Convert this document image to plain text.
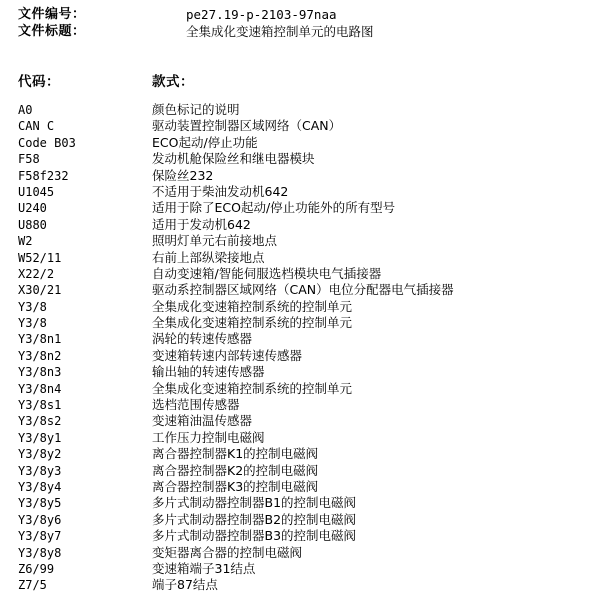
文件编号：	pe27.19-p-2103-97naa
文件标题：	全集成化变速箱控制单元的电路图
代码：	款式：
A0	颜色标记的说明
CAN C	驱动装置控制器区域网络（CAN）
Code B03	ECO起动/停止功能
F58	发动机舱保险丝和继电器模块
F58f232	保险丝232
U1045	不适用于柴油发动机642
U240	适用于除了ECO起动/停止功能外的所有型号
U880	适用于发动机642
W2	照明灯单元右前接地点
W52/11	右前上部纵梁接地点
X22/2	自动变速箱/智能伺服选档模块电气插接器
X30/21	驱动系控制器区域网络（CAN）电位分配器电气插接器
Y3/8	全集成化变速箱控制系统的控制单元
Y3/8	全集成化变速箱控制系统的控制单元
Y3/8n1	涡轮的转速传感器
Y3/8n2	变速箱转速内部转速传感器
Y3/8n3	输出轴的转速传感器
Y3/8n4	全集成化变速箱控制系统的控制单元
Y3/8s1	选档范围传感器
Y3/8s2	变速箱油温传感器
Y3/8y1	工作压力控制电磁阀
Y3/8y2	离合器控制器K1的控制电磁阀
Y3/8y3	离合器控制器K2的控制电磁阀
Y3/8y4	离合器控制器K3的控制电磁阀
Y3/8y5	多片式制动器控制器B1的控制电磁阀
Y3/8y6	多片式制动器控制器B2的控制电磁阀
Y3/8y7	多片式制动器控制器B3的控制电磁阀
Y3/8y8	变矩器离合器的控制电磁阀
Z6/99	变速箱端子31结点
Z7/5	端子87结点
